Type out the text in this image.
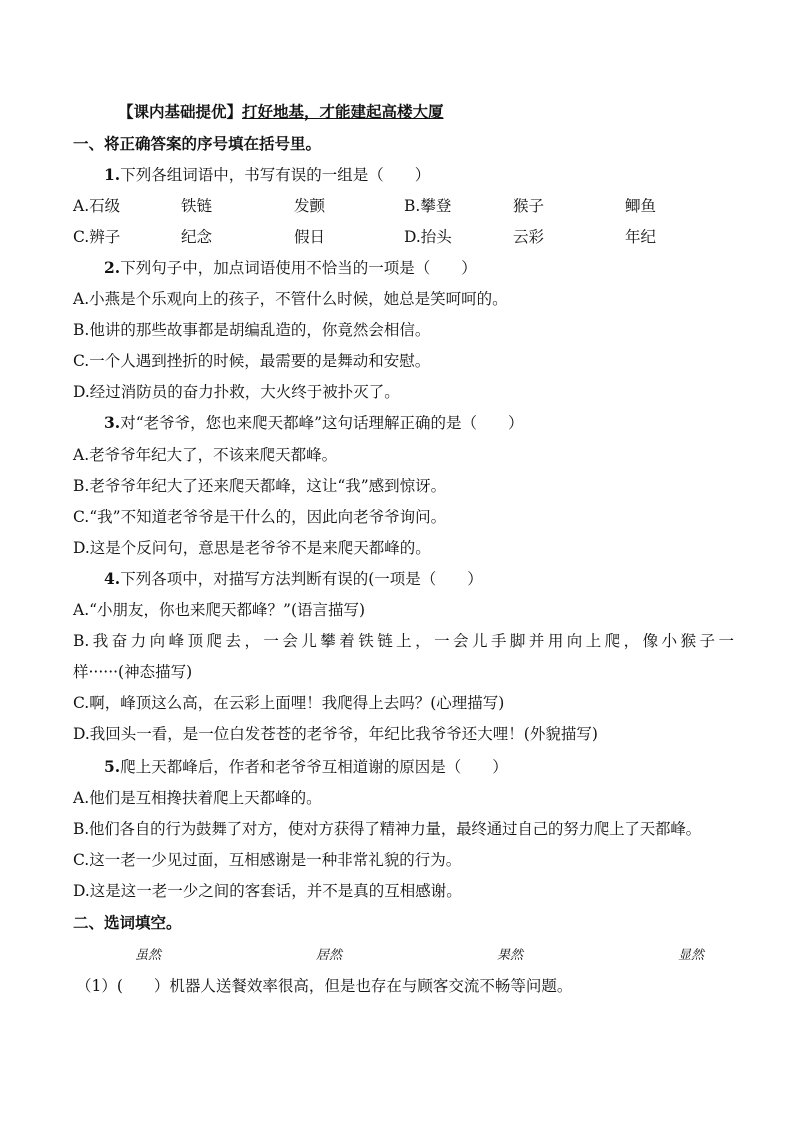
【课内基础提优】打好地基，才能建起高楼大厦
一、将正确答案的序号填在括号里。
1.下列各组词语中，书写有误的一组是（　　）
A.石级	铁链	发颤	B.攀登	猴子	鲫鱼
C.辨子	纪念	假日	D.抬头	云彩	年纪
2.下列句子中，加点词语使用不恰当的一项是（　　）
A.小燕是个乐观向上的孩子，不管什么时候，她总是笑呵呵的。
B.他讲的那些故事都是胡编乱造的，你竟然会相信。
C.一个人遇到挫折的时候，最需要的是舞动和安慰。
D.经过消防员的奋力扑救，大火终于被扑灭了。
3.对“老爷爷，您也来爬天都峰”这句话理解正确的是（　　）
A.老爷爷年纪大了，不该来爬天都峰。
B.老爷爷年纪大了还来爬天都峰，这让“我”感到惊讶。
C.“我”不知道老爷爷是干什么的，因此向老爷爷询问。
D.这是个反问句，意思是老爷爷不是来爬天都峰的。
4.下列各项中，对描写方法判断有误的(一项是（　　）
A.“小朋友，你也来爬天都峰？”(语言描写)
B.我奋力向峰顶爬去，一会儿攀着铁链上，一会儿手脚并用向上爬，像小猴子一
样······(神态描写)
C.啊，峰顶这么高，在云彩上面哩！我爬得上去吗？(心理描写)
D.我回头一看，是一位白发苍苍的老爷爷，年纪比我爷爷还大哩！(外貌描写)
5.爬上天都峰后，作者和老爷爷互相道谢的原因是（　　）
A.他们是互相搀扶着爬上天都峰的。
B.他们各自的行为鼓舞了对方，使对方获得了精神力量，最终通过自己的努力爬上了天都峰。
C.这一老一少见过面，互相感谢是一种非常礼貌的行为。
D.这是这一老一少之间的客套话，并不是真的互相感谢。
二、选词填空。
虽然	居然	果然	显然
（1）(　　）机器人送餐效率很高，但是也存在与顾客交流不畅等问题。
